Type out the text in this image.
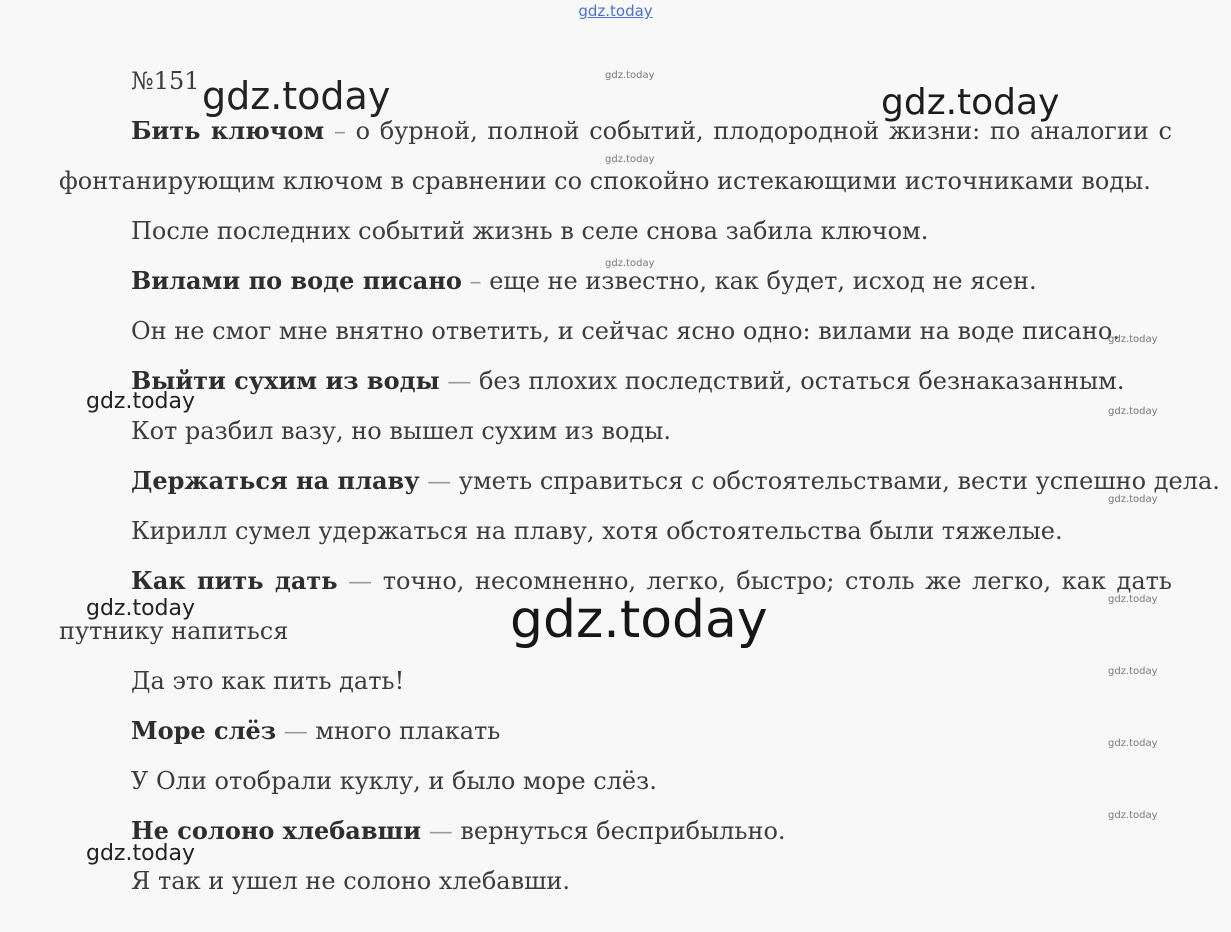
gdz.today

№151

Бить ключом – о бурной, полной событий, плодородной жизни: по аналогии с

фонтанирующим ключом в сравнении со спокойно истекающими источниками воды.

После последних событий жизнь в селе снова забила ключом.

Вилами по воде писано – еще не известно, как будет, исход не ясен.

Он не смог мне внятно ответить, и сейчас ясно одно: вилами на воде писано.

Выйти сухим из воды — без плохих последствий, остаться безнаказанным.

Кот разбил вазу, но вышел сухим из воды.

Держаться на плаву — уметь справиться с обстоятельствами, вести успешно дела.

Кирилл сумел удержаться на плаву, хотя обстоятельства были тяжелые.

Как пить дать — точно, несомненно, легко, быстро; столь же легко, как дать

путнику напиться

Да это как пить дать!

Море слёз — много плакать

У Оли отобрали куклу, и было море слёз.

Не солоно хлебавши — вернуться бесприбыльно.

Я так и ушел не солоно хлебавши.

gdz.today	gdz.today

gdz.today

gdz.today

gdz.today

gdz.today

gdz.today

gdz.today

gdz.today

gdz.today

gdz.today

gdz.today

gdz.today

gdz.today

gdz.today

gdz.today
